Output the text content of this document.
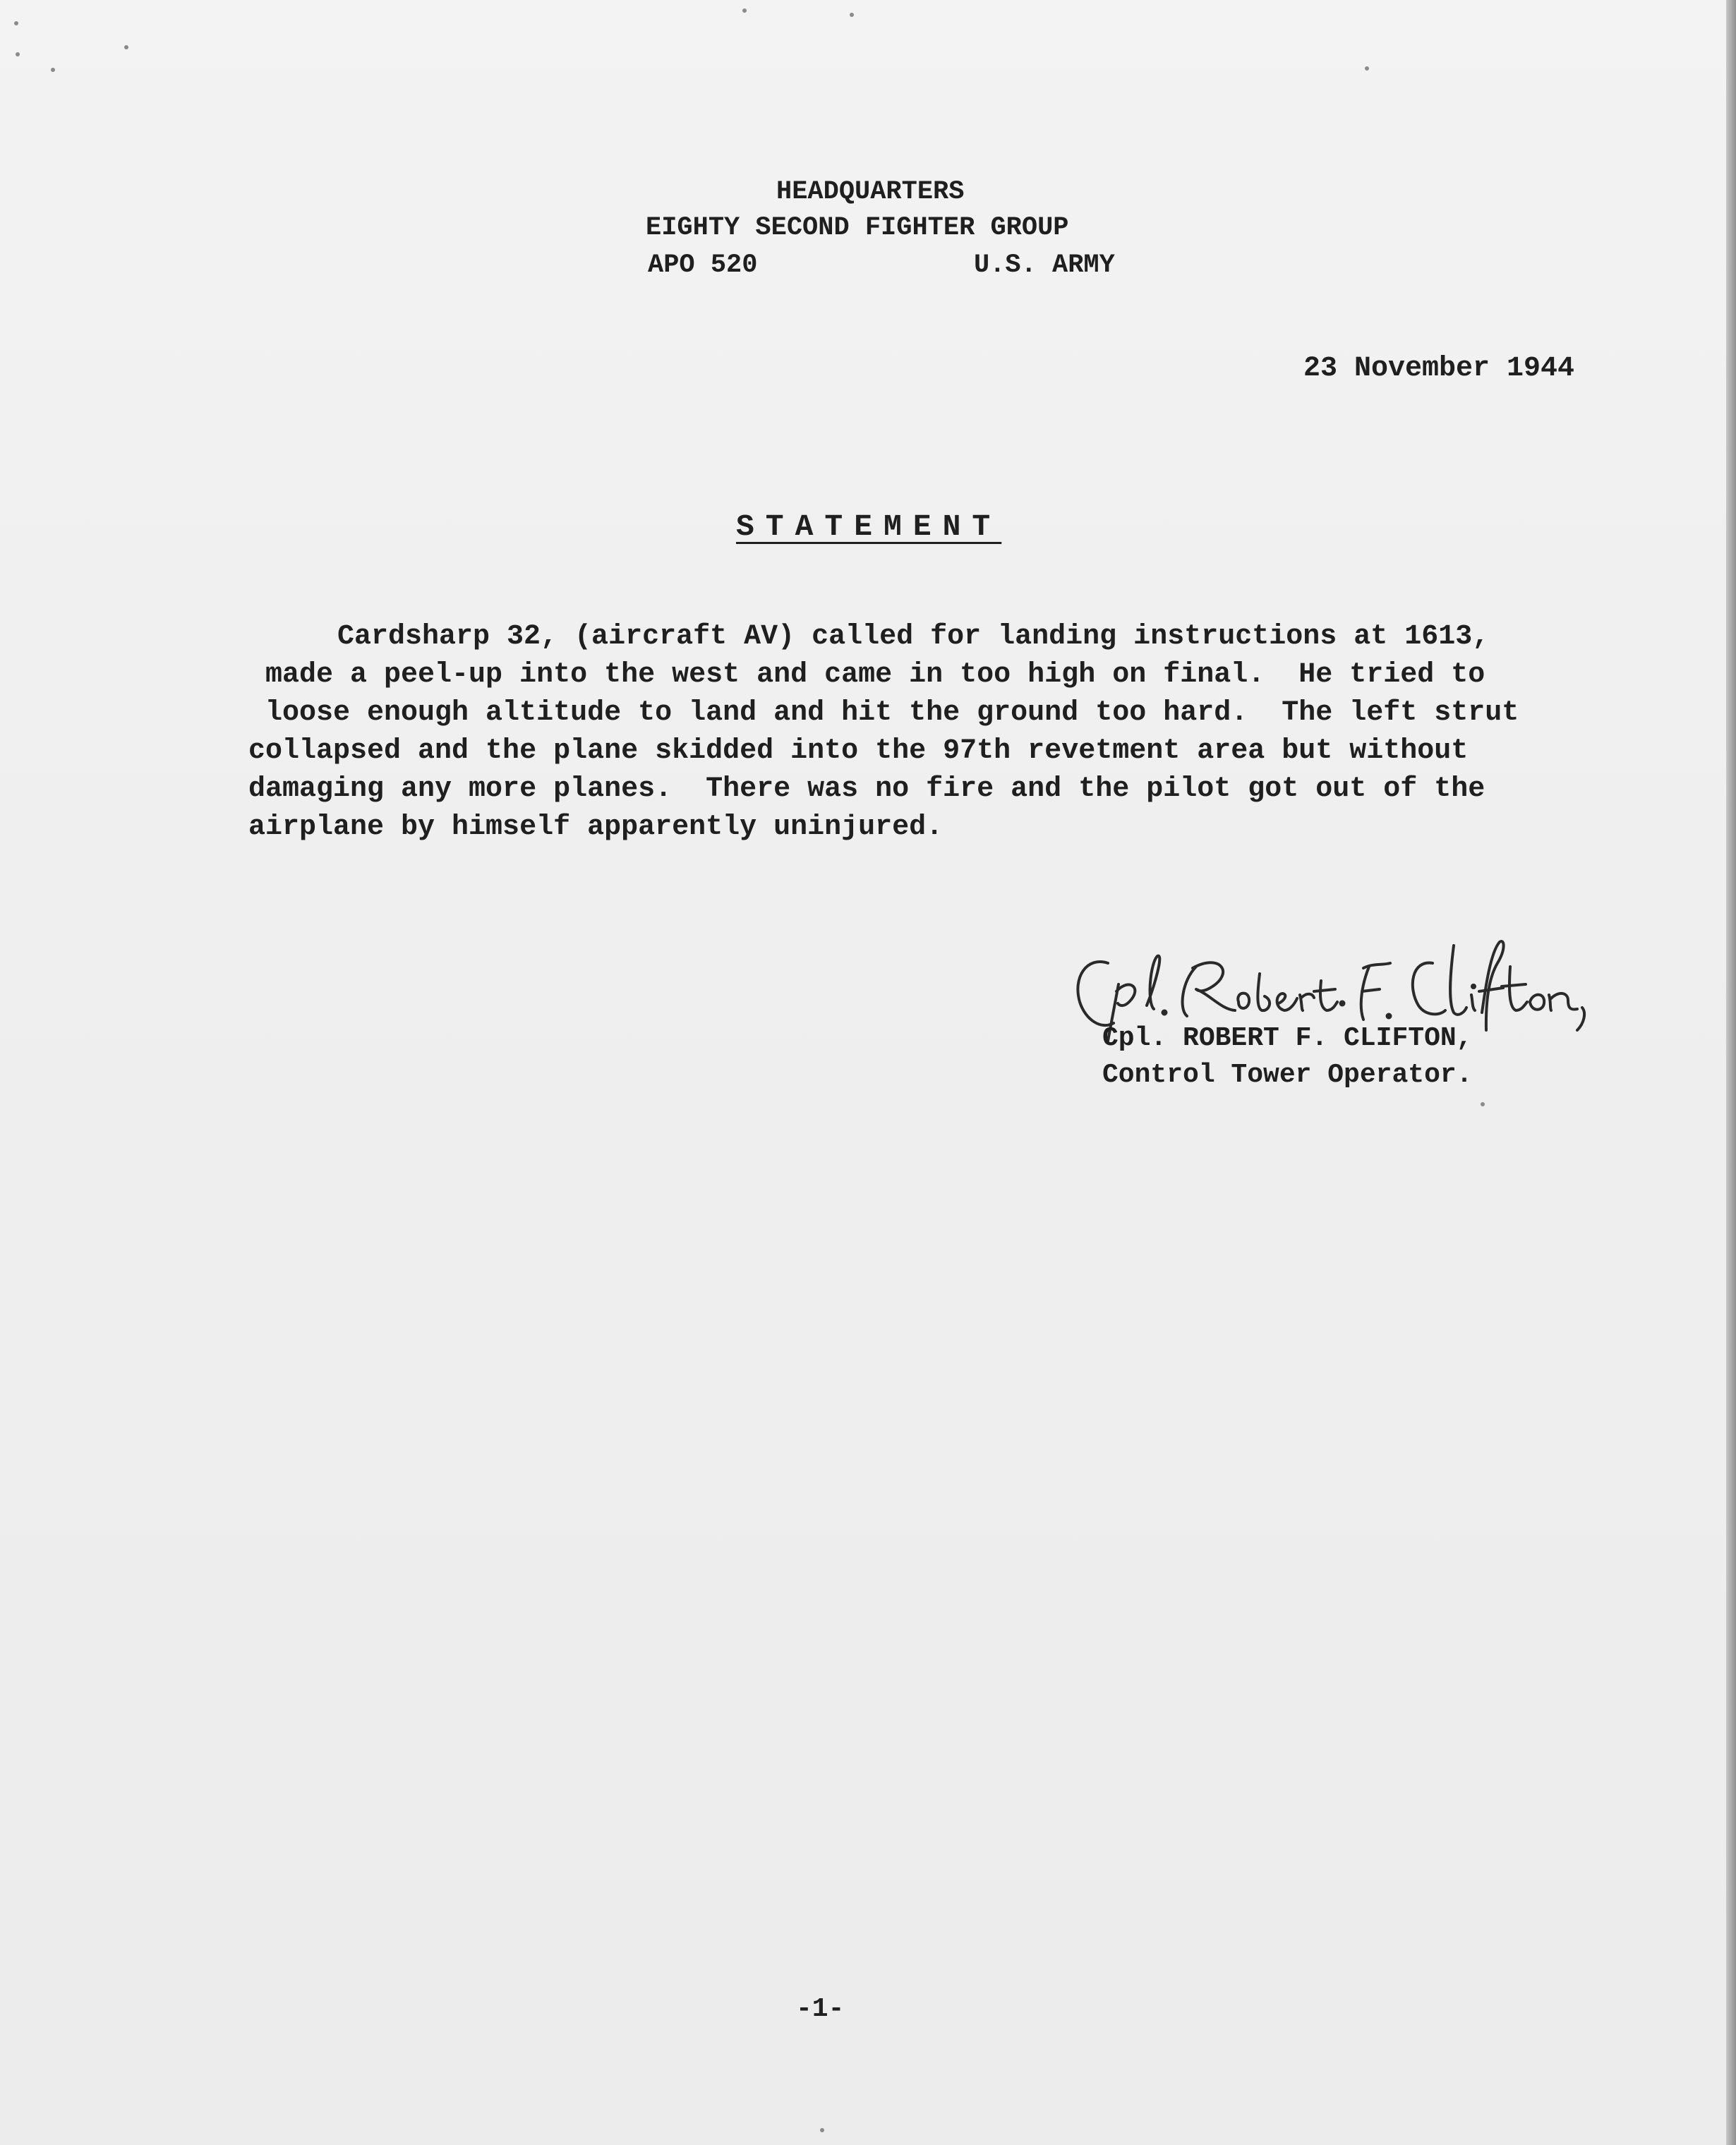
HEADQUARTERS
EIGHTY SECOND FIGHTER GROUP
APO 520	U.S. ARMY
23 November 1944
STATEMENT
Cardsharp 32, (aircraft AV) called for landing instructions at 1613,
made a peel-up into the west and came in too high on final.  He tried to
loose enough altitude to land and hit the ground too hard.  The left strut
collapsed and the plane skidded into the 97th revetment area but without
damaging any more planes.  There was no fire and the pilot got out of the
airplane by himself apparently uninjured.
Cpl. ROBERT F. CLIFTON,
Control Tower Operator.
-1-
